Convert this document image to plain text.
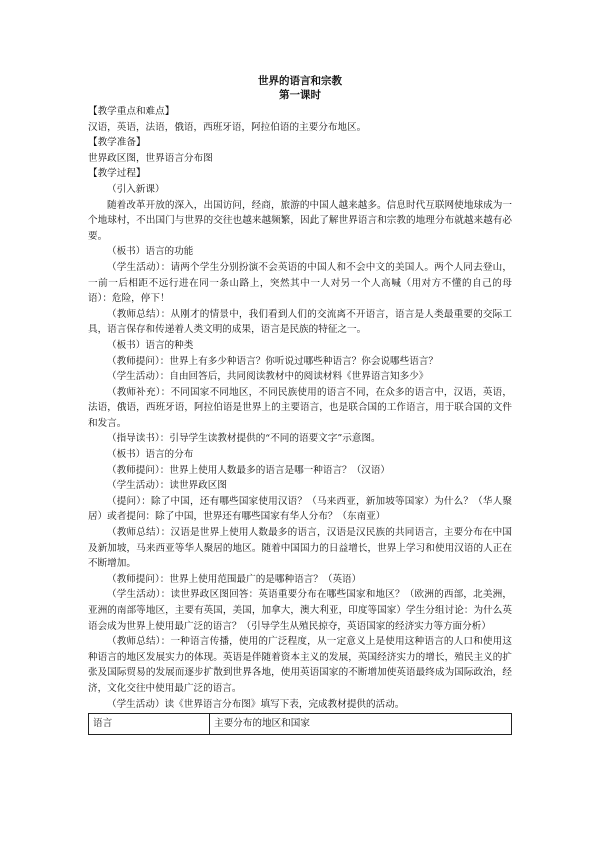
世界的语言和宗教
第一课时

【教学重点和难点】

汉语，英语，法语，俄语，西班牙语，阿拉伯语的主要分布地区。

【教学准备】

世界政区图，世界语言分布图

【教学过程】

（引入新课）

随着改革开放的深入，出国访问，经商，旅游的中国人越来越多。信息时代互联网使地球成为一个地球村，不出国门与世界的交往也越来越频繁，因此了解世界语言和宗教的地理分布就越来越有必要。

（板书）语言的功能

（学生活动）：请两个学生分别扮演不会英语的中国人和不会中文的美国人。两个人同去登山，一前一后相距不远行进在同一条山路上，突然其中一人对另一个人高喊（用对方不懂的自己的母语）：危险，停下！

（教师总结）：从刚才的情景中，我们看到人们的交流离不开语言，语言是人类最重要的交际工具，语言保存和传递着人类文明的成果，语言是民族的特征之一。

（板书）语言的种类

（教师提问）：世界上有多少种语言？你听说过哪些种语言？你会说哪些语言？

（学生活动）：自由回答后，共同阅读教材中的阅读材料《世界语言知多少》

（教师补充）：不同国家不同地区，不同民族使用的语言不同，在众多的语言中，汉语，英语，法语，俄语，西班牙语，阿拉伯语是世界上的主要语言，也是联合国的工作语言，用于联合国的文件和发言。

（指导读书）：引导学生读教材提供的“不同的语要文字”示意图。

（板书）语言的分布

（教师提问）：世界上使用人数最多的语言是哪一种语言？（汉语）

（学生活动）：读世界政区图

（提问）：除了中国，还有哪些国家使用汉语？（马来西亚，新加坡等国家）为什么？（华人聚居）或者提问：除了中国，世界还有哪些国家有华人分布？（东南亚）

（教师总结）：汉语是世界上使用人数最多的语言，汉语是汉民族的共同语言，主要分布在中国及新加坡，马来西亚等华人聚居的地区。随着中国国力的日益增长，世界上学习和使用汉语的人正在不断增加。

（教师提问）：世界上使用范围最广的是哪种语言？（英语）

（学生活动）：读世界政区图回答：英语重要分布在哪些国家和地区？（欧洲的西部，北美洲，亚洲的南部等地区，主要有英国，美国，加拿大，澳大利亚，印度等国家）学生分组讨论：为什么英语会成为世界上使用最广泛的语言？（引导学生从殖民掠夺，英语国家的经济实力等方面分析）

（教师总结）：一种语言传播，使用的广泛程度，从一定意义上是使用这种语言的人口和使用这种语言的地区发展实力的体现。英语是伴随着资本主义的发展，英国经济实力的增长，殖民主义的扩张及国际贸易的发展而逐步扩散到世界各地，使用英语国家的不断增加使英语最终成为国际政治，经济，文化交往中使用最广泛的语言。

（学生活动）读《世界语言分布图》填写下表，完成教材提供的活动。

语言	主要分布的地区和国家
